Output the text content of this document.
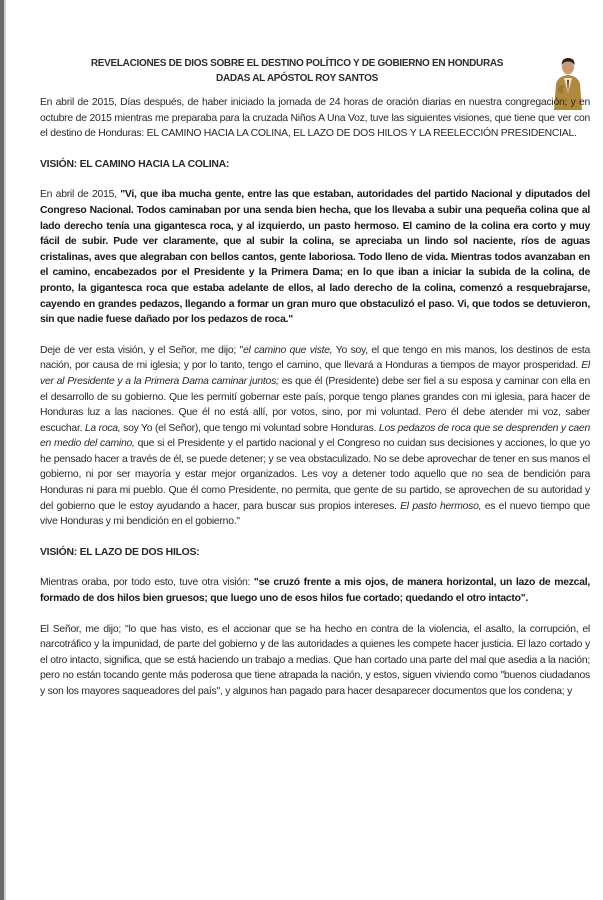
REVELACIONES DE DIOS SOBRE EL DESTINO POLÍTICO Y DE GOBIERNO EN HONDURAS
DADAS AL APÓSTOL ROY SANTOS

En abril de 2015, Días después, de haber iniciado la jornada de 24 horas de oración diarias en nuestra congregación; y en octubre de 2015 mientras me preparaba para la cruzada Niños A Una Voz, tuve las siguientes visiones, que tiene que ver con el destino de Honduras: EL CAMINO HACIA LA COLINA, EL LAZO DE DOS HILOS Y LA REELECCIÓN PRESIDENCIAL.

VISIÓN: EL CAMINO HACIA LA COLINA:

En abril de 2015, "Vi, que iba mucha gente, entre las que estaban, autoridades del partido Nacional y diputados del Congreso Nacional. Todos caminaban por una senda bien hecha, que los llevaba a subir una pequeña colina que al lado derecho tenía una gigantesca roca, y al izquierdo, un pasto hermoso. El camino de la colina era corto y muy fácil de subir. Pude ver claramente, que al subir la colina, se apreciaba un lindo sol naciente, ríos de aguas cristalinas, aves que alegraban con bellos cantos, gente laboriosa. Todo lleno de vida. Mientras todos avanzaban en el camino, encabezados por el Presidente y la Primera Dama; en lo que iban a iniciar la subida de la colina, de pronto, la gigantesca roca que estaba adelante de ellos, al lado derecho de la colina, comenzó a resquebrajarse, cayendo en grandes pedazos, llegando a formar un gran muro que obstaculizó el paso. Vi, que todos se detuvieron, sin que nadie fuese dañado por los pedazos de roca."

Deje de ver esta visión, y el Señor, me dijo; "el camino que viste, Yo soy, el que tengo en mis manos, los destinos de esta nación, por causa de mi iglesia; y por lo tanto, tengo el camino, que llevará a Honduras a tiempos de mayor prosperidad. El ver al Presidente y a la Primera Dama caminar juntos; es que él (Presidente) debe ser fiel a su esposa y caminar con ella en el desarrollo de su gobierno. Que les permití gobernar este país, porque tengo planes grandes con mi iglesia, para hacer de Honduras luz a las naciones. Que él no está allí, por votos, sino, por mi voluntad. Pero él debe atender mi voz, saber escuchar. La roca, soy Yo (el Señor), que tengo mi voluntad sobre Honduras. Los pedazos de roca que se desprenden y caen en medio del camino, que si el Presidente y el partido nacional y el Congreso no cuidan sus decisiones y acciones, lo que yo he pensado hacer a través de él, se puede detener; y se vea obstaculizado. No se debe aprovechar de tener en sus manos el gobierno, ni por ser mayoría y estar mejor organizados. Les voy a detener todo aquello que no sea de bendición para Honduras ni para mi pueblo. Que él como Presidente, no permita, que gente de su partido, se aprovechen de su autoridad y del gobierno que le estoy ayudando a hacer, para buscar sus propios intereses. El pasto hermoso, es el nuevo tiempo que vive Honduras y mi bendición en el gobierno."

VISIÓN: EL LAZO DE DOS HILOS:

Mientras oraba, por todo esto, tuve otra visión: "se cruzó frente a mis ojos, de manera horizontal, un lazo de mezcal, formado de dos hilos bien gruesos; que luego uno de esos hilos fue cortado; quedando el otro intacto".

El Señor, me dijo; "lo que has visto, es el accionar que se ha hecho en contra de la violencia, el asalto, la corrupción, el narcotráfico y la impunidad, de parte del gobierno y de las autoridades a quienes les compete hacer justicia. El lazo cortado y el otro intacto, significa, que se está haciendo un trabajo a medias. Que han cortado una parte del mal que asedia a la nación; pero no están tocando gente más poderosa que tiene atrapada la nación, y estos, siguen viviendo como "buenos ciudadanos y son los mayores saqueadores del país", y algunos han pagado para hacer desaparecer documentos que los condena; y
